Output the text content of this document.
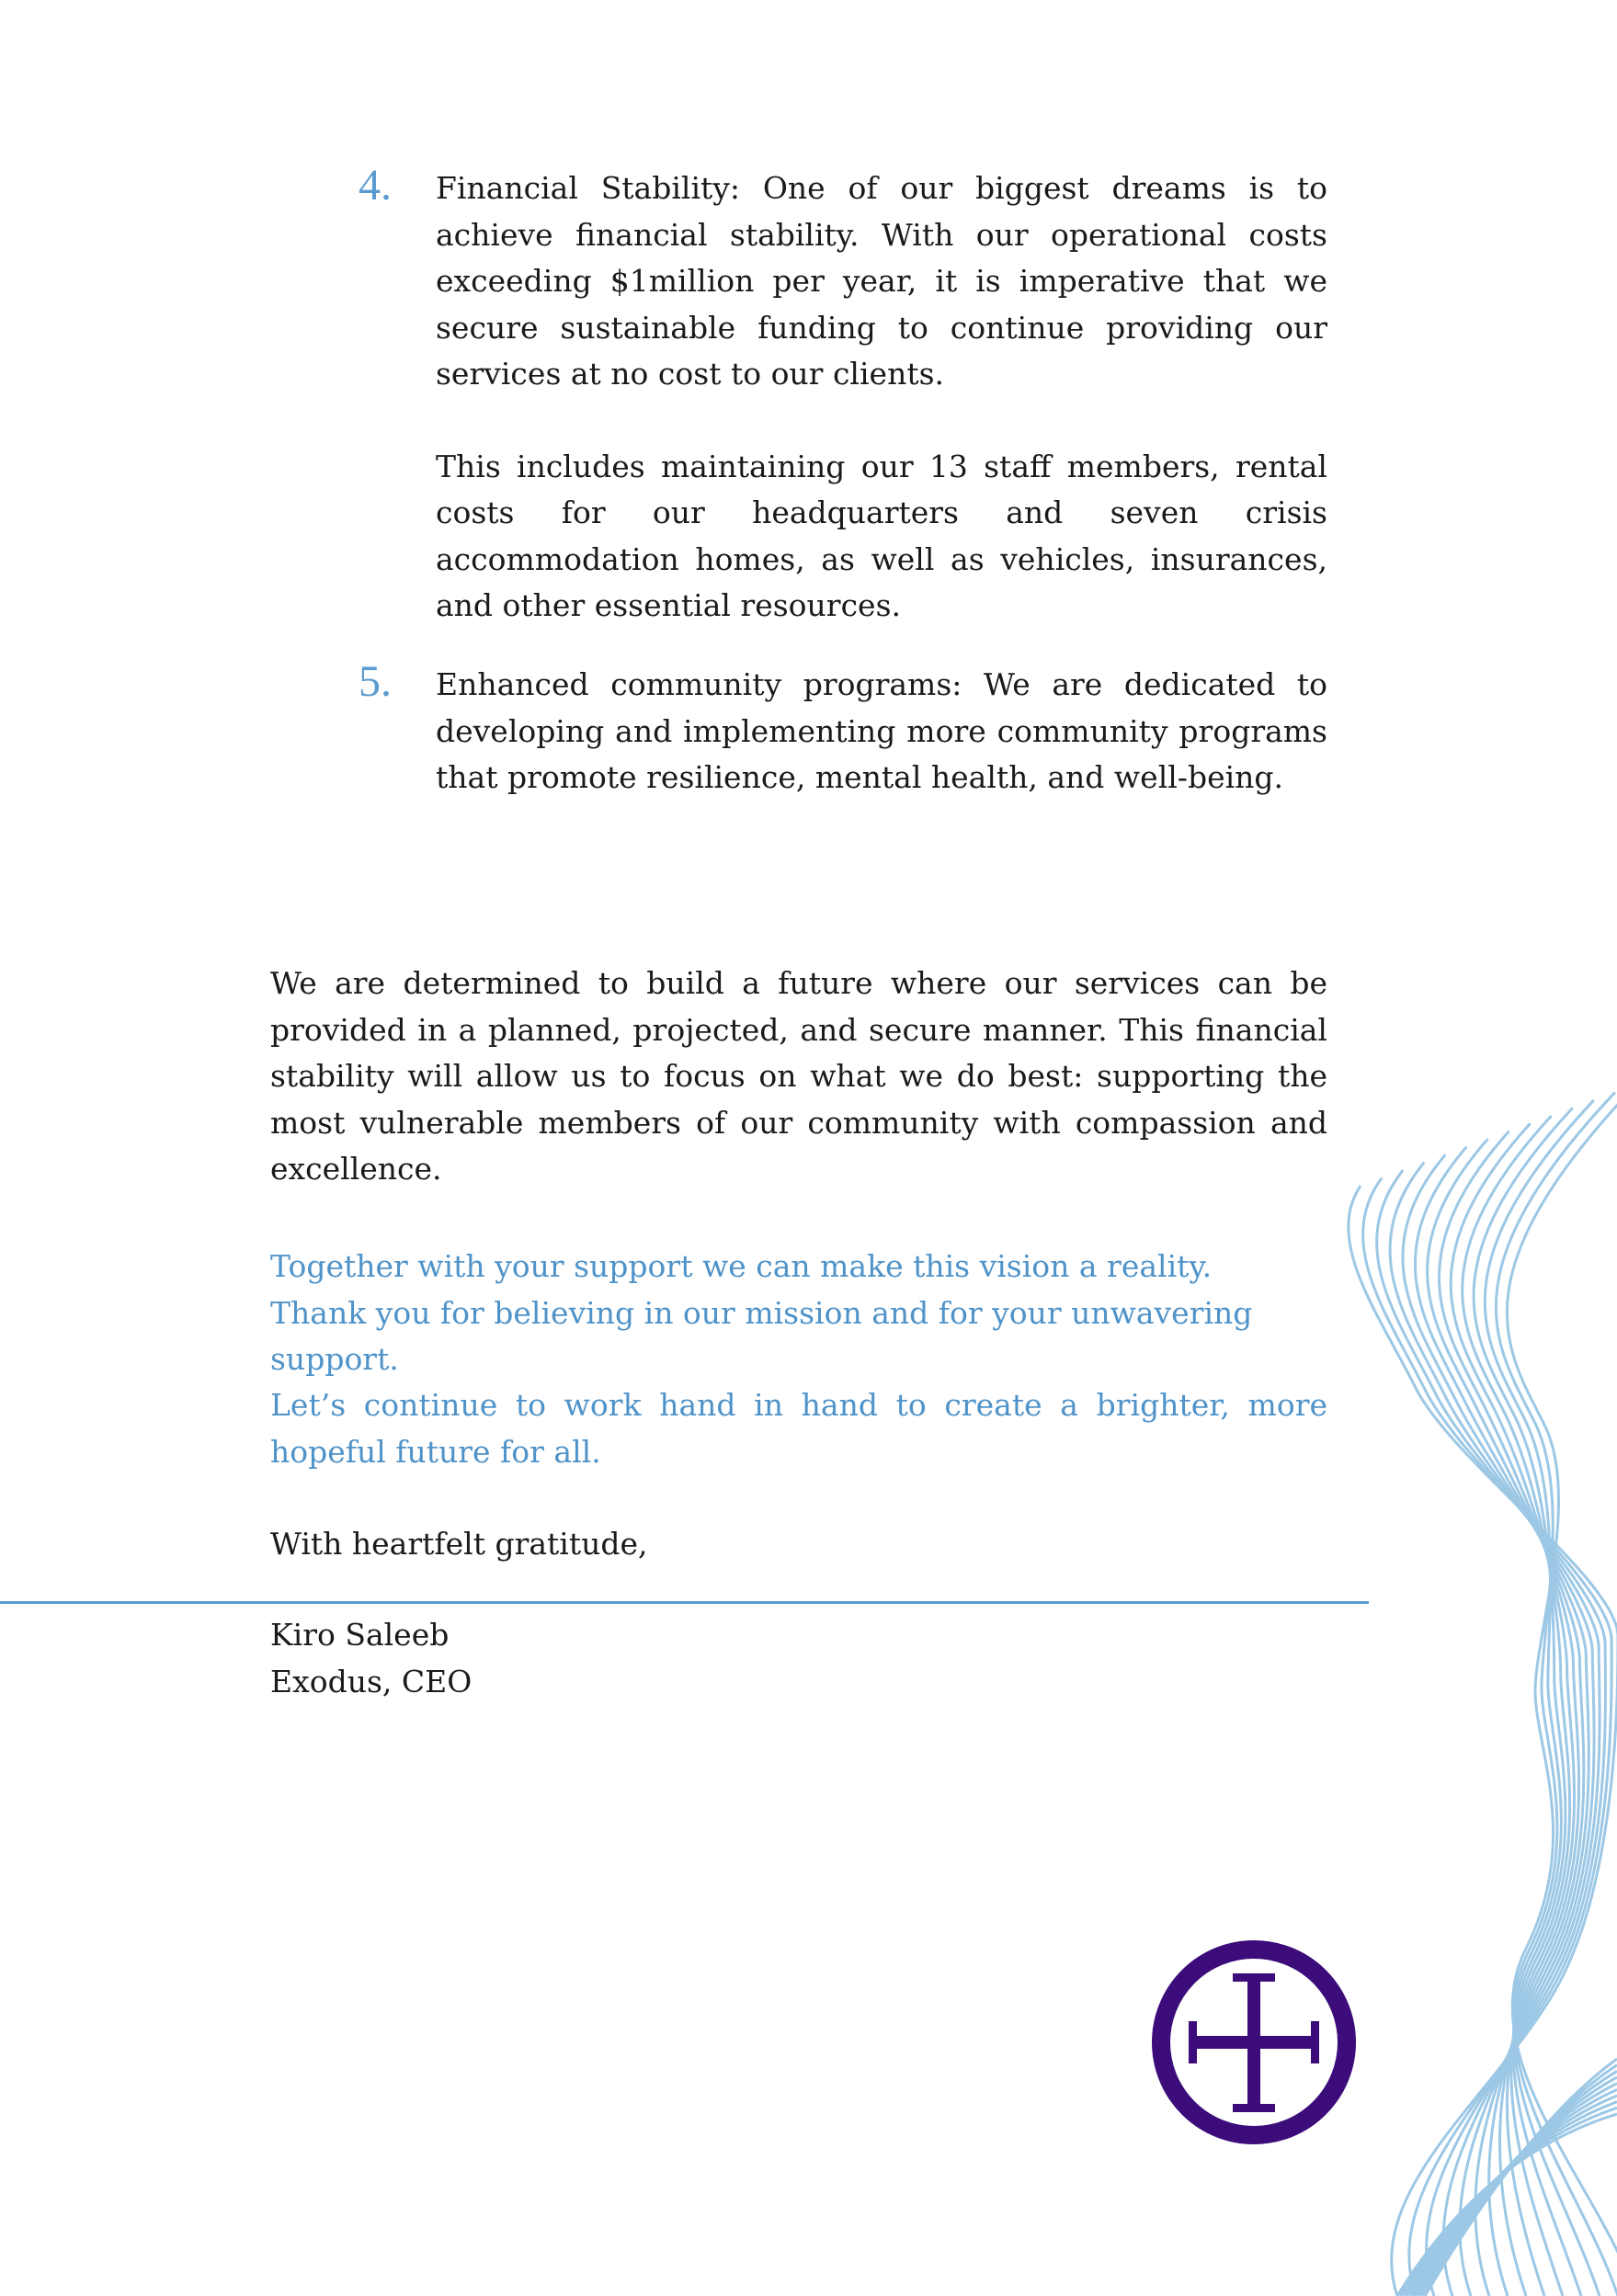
4. Financial Stability: One of our biggest dreams is to achieve financial stability. With our operational costs exceeding $1million per year, it is imperative that we secure sustainable funding to continue providing our services at no cost to our clients.

This includes maintaining our 13 staff members, rental costs for our headquarters and seven crisis accommodation homes, as well as vehicles, insurances, and other essential resources.

5. Enhanced community programs: We are dedicated to developing and implementing more community programs that promote resilience, mental health, and well-being.

We are determined to build a future where our services can be provided in a planned, projected, and secure manner. This financial stability will allow us to focus on what we do best: supporting the most vulnerable members of our community with compassion and excellence.

Together with your support we can make this vision a reality.

Thank you for believing in our mission and for your unwavering support.

Let’s continue to work hand in hand to create a brighter, more hopeful future for all.

With heartfelt gratitude,

Kiro Saleeb

Exodus, CEO
